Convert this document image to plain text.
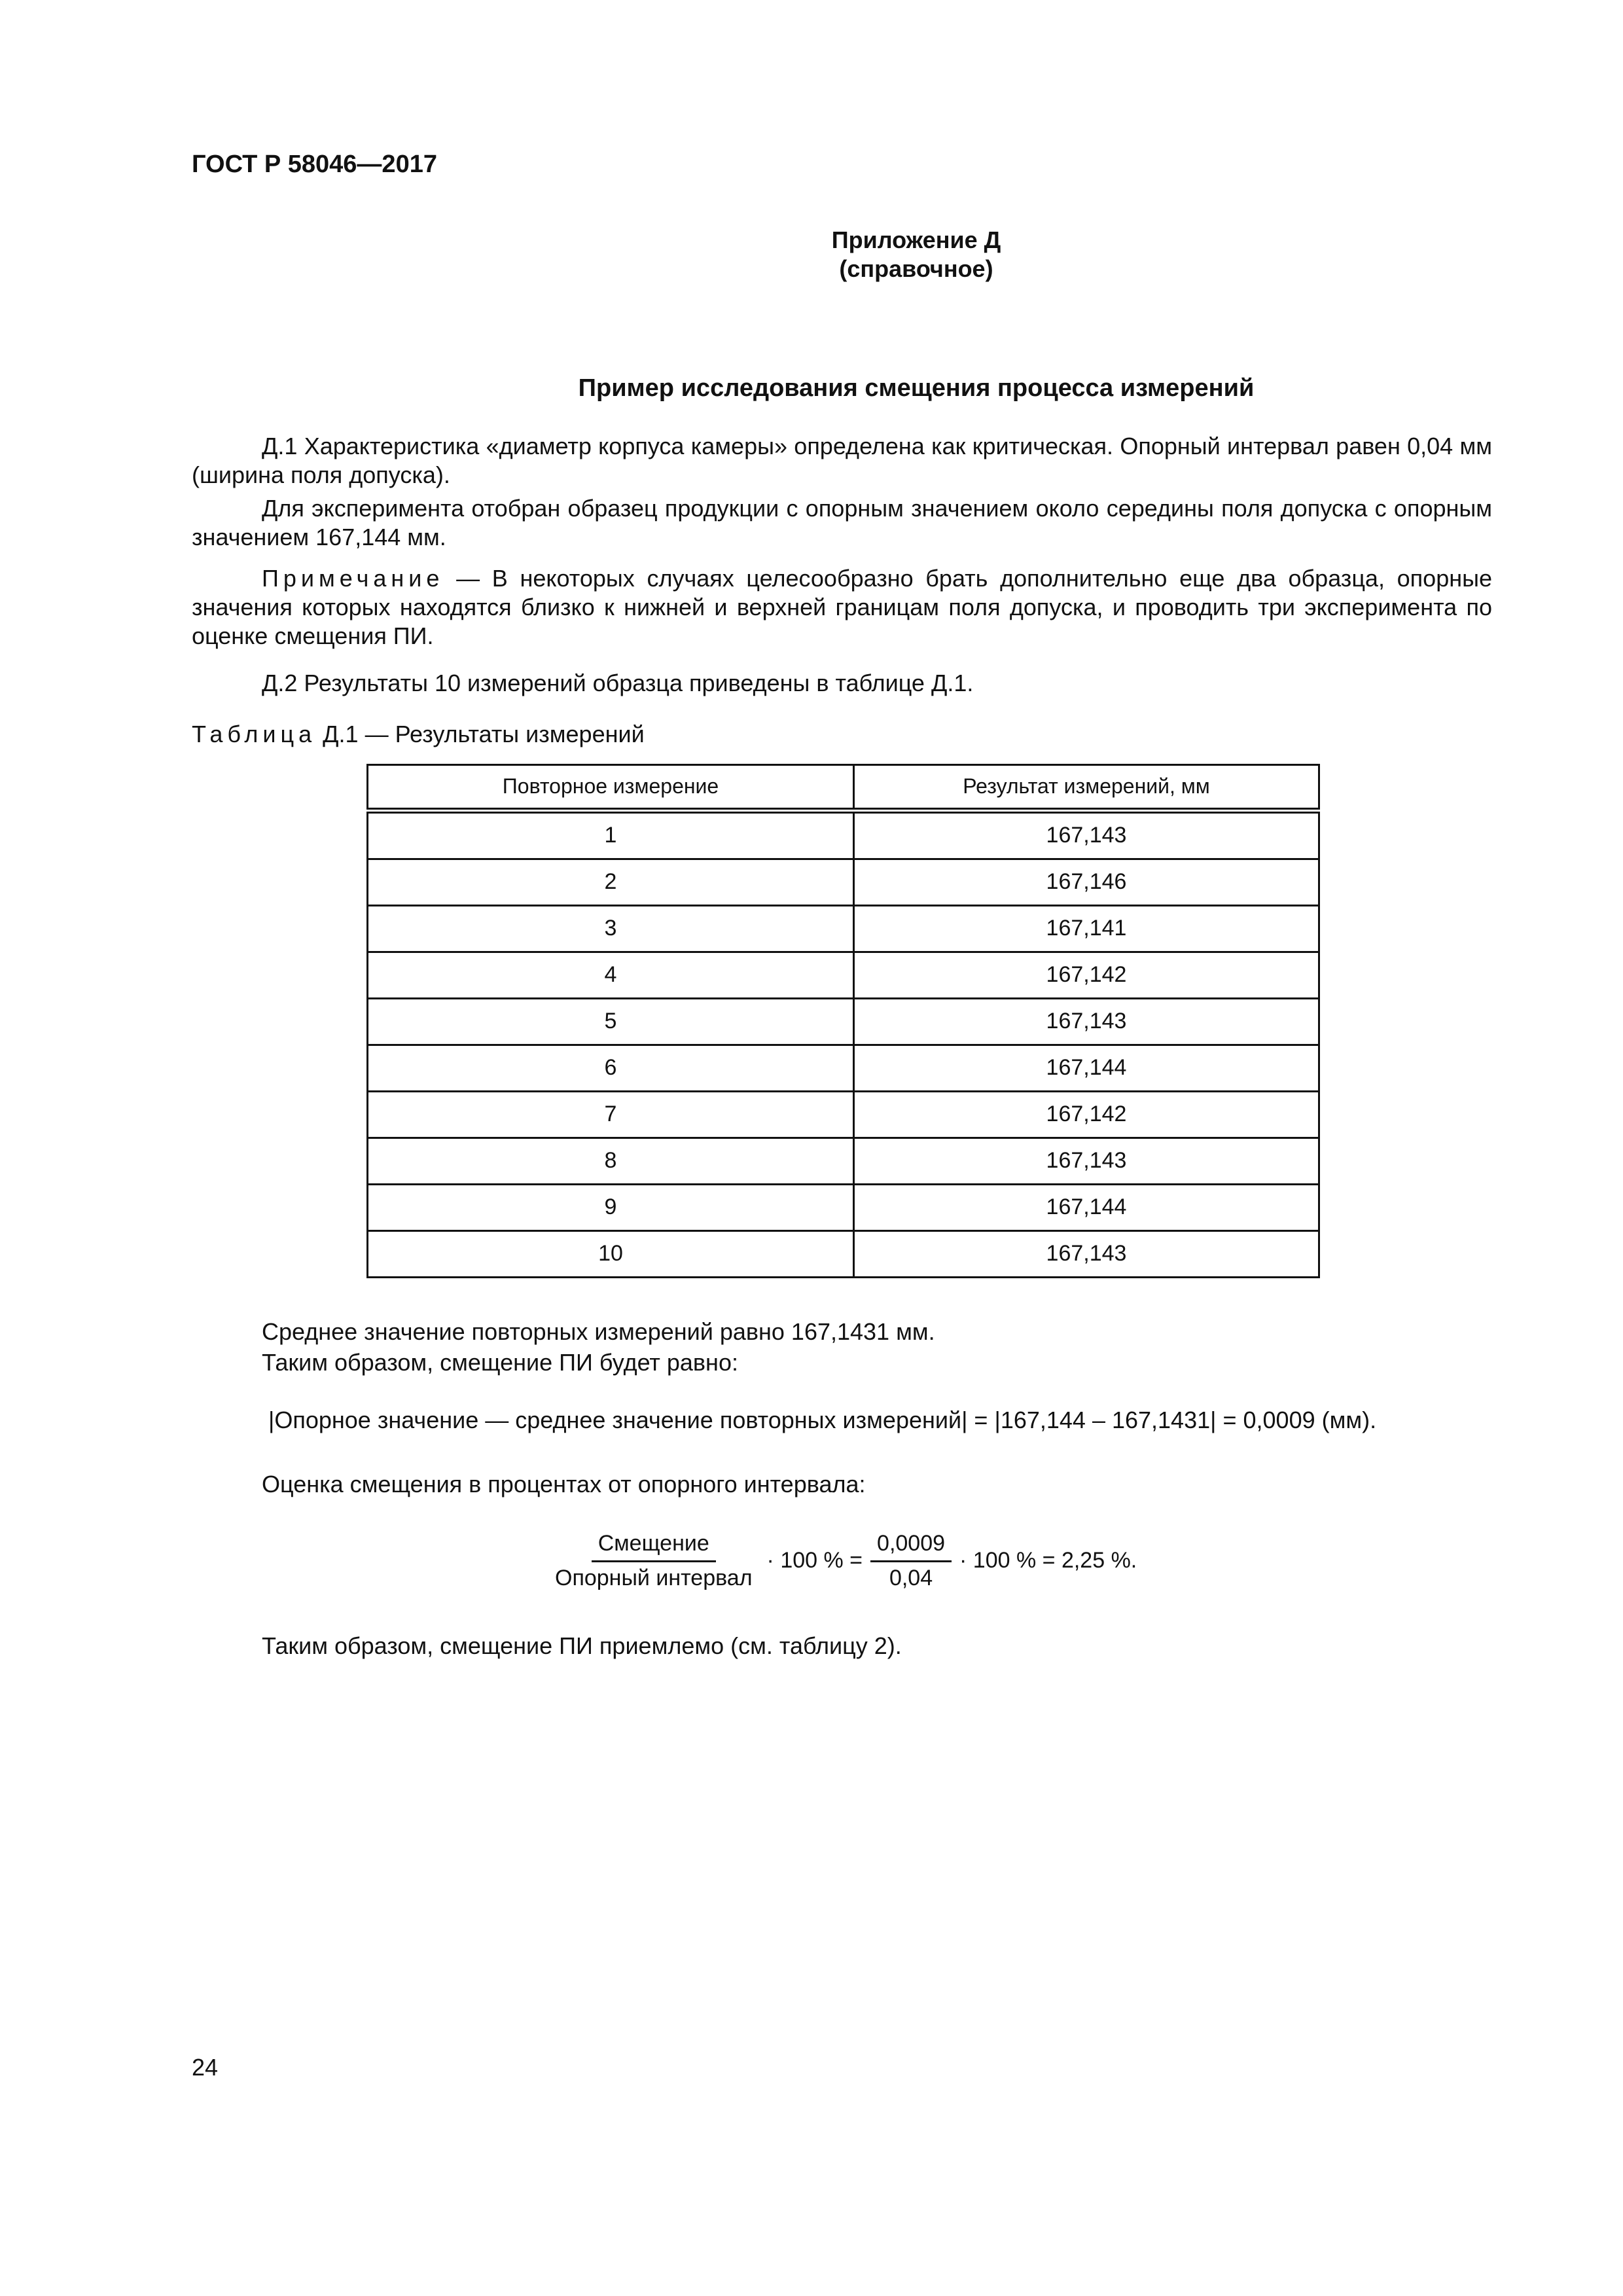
ГОСТ Р 58046—2017
Приложение Д
(справочное)
Пример исследования смещения процесса измерений

Д.1 Характеристика «диаметр корпуса камеры» определена как критическая. Опорный интервал равен 0,04 мм (ширина поля допуска).

Для эксперимента отобран образец продукции с опорным значением около середины поля допуска с опорным значением 167,144 мм.

Примечание — В некоторых случаях целесообразно брать дополнительно еще два образца, опорные значения которых находятся близко к нижней и верхней границам поля допуска, и проводить три эксперимента по оценке смещения ПИ.

Д.2 Результаты 10 измерений образца приведены в таблице Д.1.

Таблица Д.1 — Результаты измерений
Повторное измерение	Результат измерений, мм
1	167,143
2	167,146
3	167,141
4	167,142
5	167,143
6	167,144
7	167,142
8	167,143
9	167,144
10	167,143

Среднее значение повторных измерений равно 167,1431 мм.

Таким образом, смещение ПИ будет равно:

|Опорное значение — среднее значение повторных измерений| = |167,144 – 167,1431| = 0,0009 (мм).

Оценка смещения в процентах от опорного интервала:

$\frac{\text{Смещение}}{\text{Опорный интервал}} \cdot 100$ % = $\frac{0,0009}{0,04} \cdot 100$ % = 2,25 %.

Таким образом, смещение ПИ приемлемо (см. таблицу 2).

24
